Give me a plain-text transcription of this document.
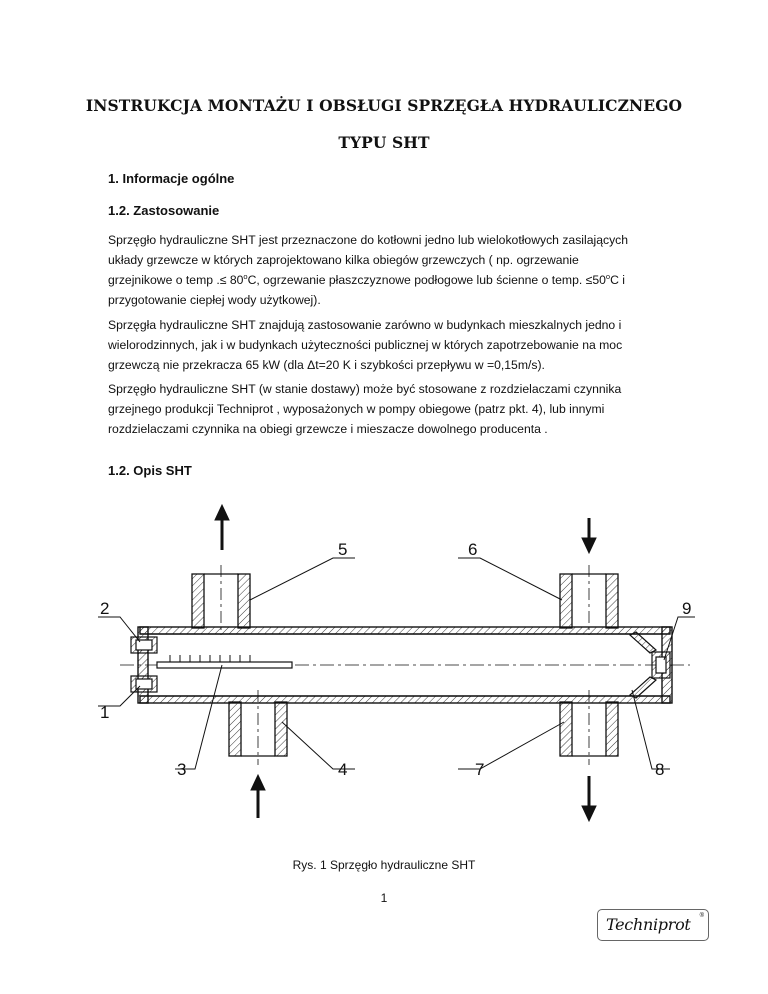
INSTRUKCJA MONTAŻU I OBSŁUGI SPRZĘGŁA HYDRAULICZNEGO
TYPU SHT
1. Informacje ogólne
1.2. Zastosowanie
Sprzęgło hydrauliczne SHT jest przeznaczone do kotłowni jedno lub wielokotłowych zasilających
układy grzewcze w których zaprojektowano kilka obiegów grzewczych ( np. ogrzewanie
grzejnikowe o temp .≤ $80^oC$, ogrzewanie płaszczyznowe podłogowe lub ścienne o temp. $\le 50^oC$ i
przygotowanie ciepłej wody użytkowej).
Sprzęgła hydrauliczne SHT znajdują zastosowanie zarówno w budynkach mieszkalnych jedno i
wielorodzinnych, jak i w budynkach użyteczności publicznej w których zapotrzebowanie na moc
grzewczą nie przekracza 65 kW (dla Δt=20 K i szybkości przepływu w =0,15m/s).
Sprzęgło hydrauliczne SHT (w stanie dostawy) może być stosowane z rozdzielaczami czynnika
grzejnego produkcji Techniprot , wyposażonych w pompy obiegowe (patrz pkt. 4), lub innymi
rozdzielaczami czynnika na obiegi grzewcze i mieszacze dowolnego producenta .
1.2. Opis SHT
1
2
3	4
5	6
7	8
9
Rys. 1 Sprzęgło hydrauliczne SHT
1
Techniprot ®
